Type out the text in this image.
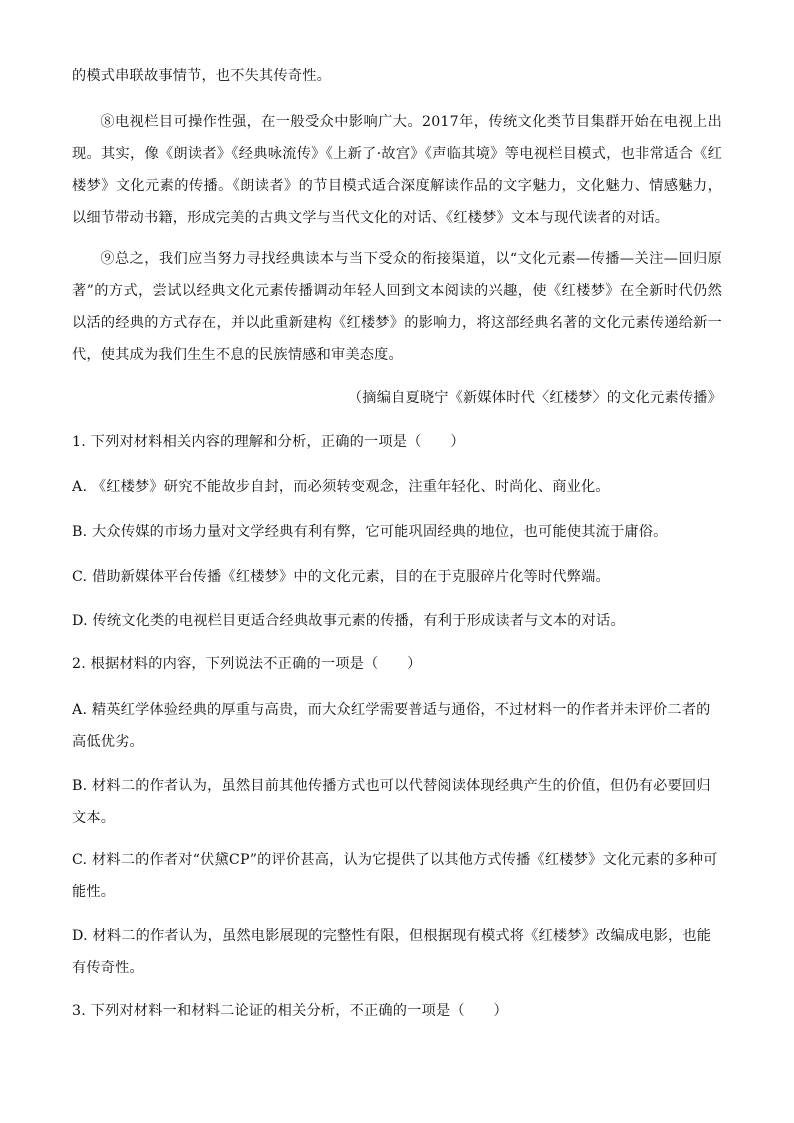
的模式串联故事情节，也不失其传奇性。

⑧电视栏目可操作性强，在一般受众中影响广大。2017年，传统文化类节目集群开始在电视上出现。其实，像《朗读者》《经典咏流传》《上新了·故宫》《声临其境》等电视栏目模式，也非常适合《红楼梦》文化元素的传播。《朗读者》的节目模式适合深度解读作品的文字魅力，文化魅力、情感魅力，以细节带动书籍，形成完美的古典文学与当代文化的对话、《红楼梦》文本与现代读者的对话。

⑨总之，我们应当努力寻找经典读本与当下受众的衔接渠道，以“文化元素—传播—关注—回归原著”的方式，尝试以经典文化元素传播调动年轻人回到文本阅读的兴趣，使《红楼梦》在全新时代仍然以活的经典的方式存在，并以此重新建构《红楼梦》的影响力，将这部经典名著的文化元素传递给新一代，使其成为我们生生不息的民族情感和审美态度。

（摘编自夏晓宁《新媒体时代〈红楼梦〉的文化元素传播》

1. 下列对材料相关内容的理解和分析，正确的一项是（　　）

A. 《红楼梦》研究不能故步自封，而必须转变观念，注重年轻化、时尚化、商业化。

B. 大众传媒的市场力量对文学经典有利有弊，它可能巩固经典的地位，也可能使其流于庸俗。

C. 借助新媒体平台传播《红楼梦》中的文化元素，目的在于克服碎片化等时代弊端。

D. 传统文化类的电视栏目更适合经典故事元素的传播，有利于形成读者与文本的对话。

2. 根据材料的内容，下列说法不正确的一项是（　　）

A. 精英红学体验经典的厚重与高贵，而大众红学需要普适与通俗，不过材料一的作者并未评价二者的高低优劣。

B. 材料二的作者认为，虽然目前其他传播方式也可以代替阅读体现经典产生的价值，但仍有必要回归文本。

C. 材料二的作者对“伏黛CP”的评价甚高，认为它提供了以其他方式传播《红楼梦》文化元素的多种可能性。

D. 材料二的作者认为，虽然电影展现的完整性有限，但根据现有模式将《红楼梦》改编成电影，也能有传奇性。

3. 下列对材料一和材料二论证的相关分析，不正确的一项是（　　）
